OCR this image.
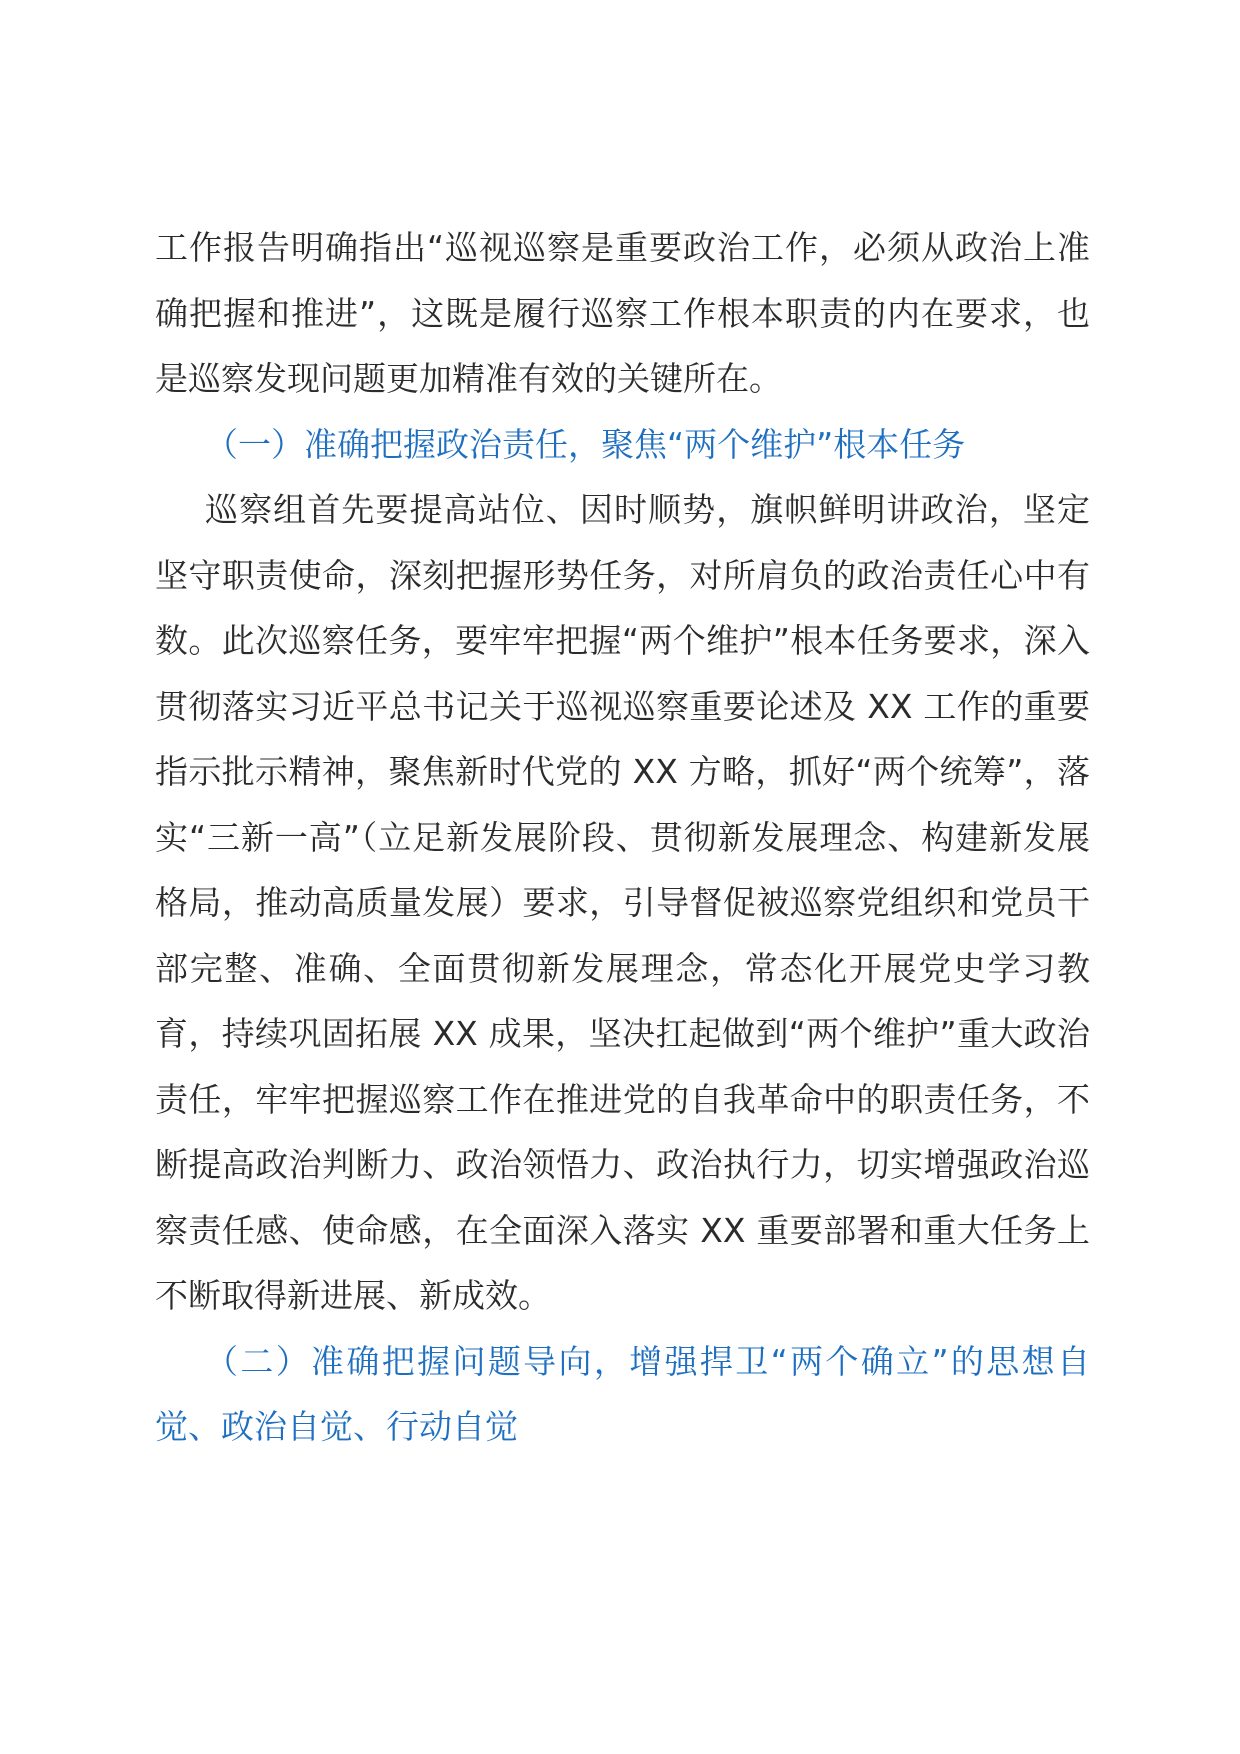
工作报告明确指出“巡视巡察是重要政治工作，必须从政治上准确把握和推进”，这既是履行巡察工作根本职责的内在要求，也是巡察发现问题更加精准有效的关键所在。

（一）准确把握政治责任，聚焦“两个维护”根本任务

巡察组首先要提高站位、因时顺势，旗帜鲜明讲政治，坚定坚守职责使命，深刻把握形势任务，对所肩负的政治责任心中有数。此次巡察任务，要牢牢把握“两个维护”根本任务要求，深入贯彻落实习近平总书记关于巡视巡察重要论述及 XX 工作的重要指示批示精神，聚焦新时代党的 XX 方略，抓好“两个统筹”，落实“三新一高”（立足新发展阶段、贯彻新发展理念、构建新发展格局，推动高质量发展）要求，引导督促被巡察党组织和党员干部完整、准确、全面贯彻新发展理念，常态化开展党史学习教育，持续巩固拓展 XX 成果，坚决扛起做到“两个维护”重大政治责任，牢牢把握巡察工作在推进党的自我革命中的职责任务，不断提高政治判断力、政治领悟力、政治执行力，切实增强政治巡察责任感、使命感，在全面深入落实 XX 重要部署和重大任务上不断取得新进展、新成效。

（二）准确把握问题导向，增强捍卫“两个确立”的思想自觉、政治自觉、行动自觉
